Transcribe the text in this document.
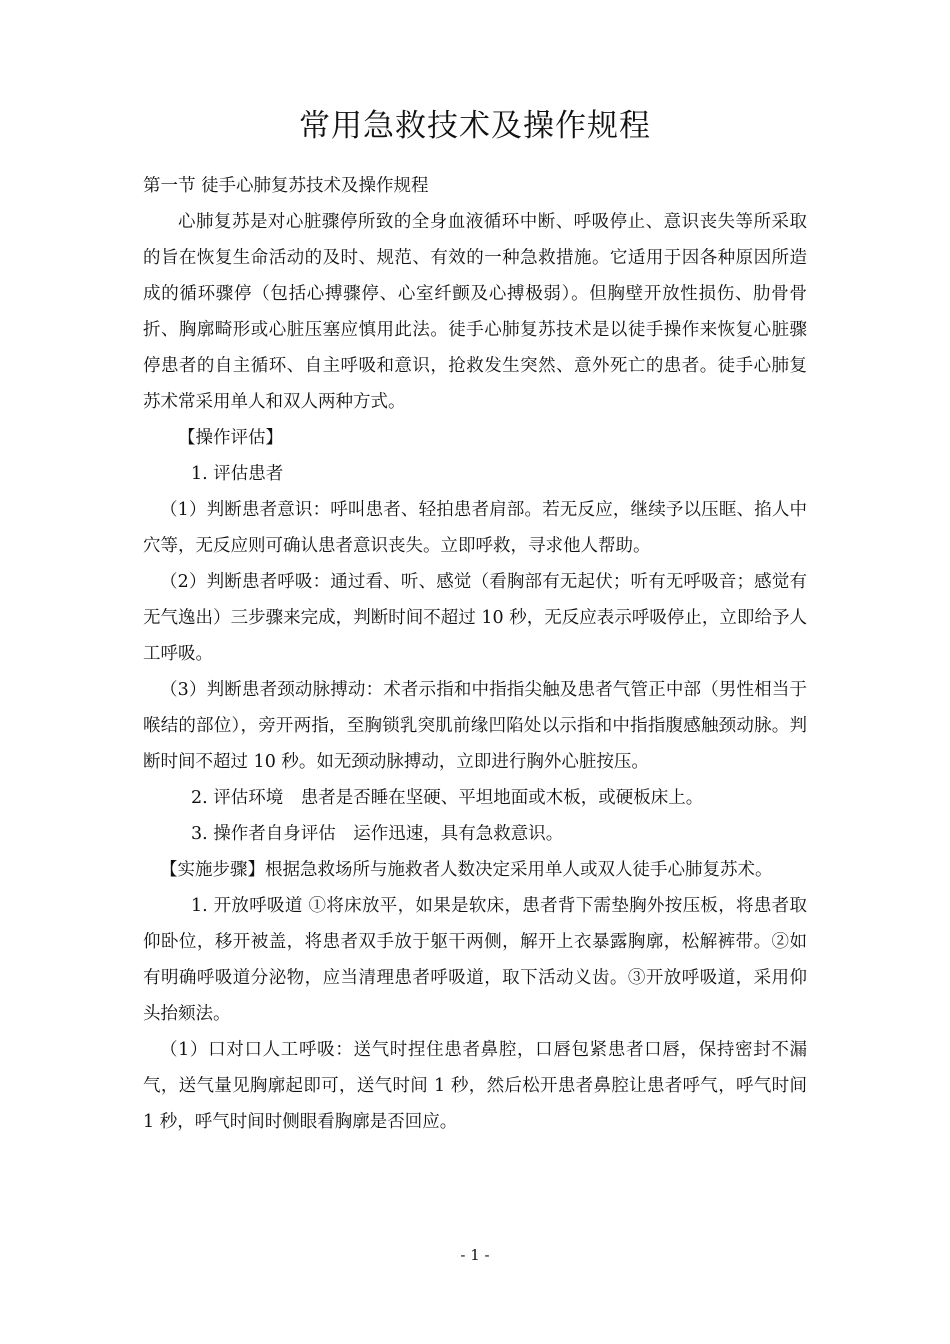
常用急救技术及操作规程

第一节 徒手心肺复苏技术及操作规程

心肺复苏是对心脏骤停所致的全身血液循环中断、呼吸停止、意识丧失等所采取的旨在恢复生命活动的及时、规范、有效的一种急救措施。它适用于因各种原因所造成的循环骤停（包括心搏骤停、心室纤颤及心搏极弱）。但胸壁开放性损伤、肋骨骨折、胸廓畸形或心脏压塞应慎用此法。徒手心肺复苏技术是以徒手操作来恢复心脏骤停患者的自主循环、自主呼吸和意识，抢救发生突然、意外死亡的患者。徒手心肺复苏术常采用单人和双人两种方式。

【操作评估】

1. 评估患者

（1）判断患者意识：呼叫患者、轻拍患者肩部。若无反应，继续予以压眶、掐人中穴等，无反应则可确认患者意识丧失。立即呼救，寻求他人帮助。

（2）判断患者呼吸：通过看、听、感觉（看胸部有无起伏；听有无呼吸音；感觉有无气逸出）三步骤来完成，判断时间不超过 10 秒，无反应表示呼吸停止，立即给予人工呼吸。

（3）判断患者颈动脉搏动：术者示指和中指指尖触及患者气管正中部（男性相当于喉结的部位），旁开两指，至胸锁乳突肌前缘凹陷处以示指和中指指腹感触颈动脉。判断时间不超过 10 秒。如无颈动脉搏动，立即进行胸外心脏按压。

2. 评估环境　患者是否睡在坚硬、平坦地面或木板，或硬板床上。

3. 操作者自身评估　运作迅速，具有急救意识。

【实施步骤】根据急救场所与施救者人数决定采用单人或双人徒手心肺复苏术。

1. 开放呼吸道 ①将床放平，如果是软床，患者背下需垫胸外按压板，将患者取仰卧位，移开被盖，将患者双手放于躯干两侧，解开上衣暴露胸廓，松解裤带。②如有明确呼吸道分泌物，应当清理患者呼吸道，取下活动义齿。③开放呼吸道，采用仰头抬颏法。

（1）口对口人工呼吸：送气时捏住患者鼻腔，口唇包紧患者口唇，保持密封不漏气，送气量见胸廓起即可，送气时间 1 秒，然后松开患者鼻腔让患者呼气，呼气时间 1 秒，呼气时间时侧眼看胸廓是否回应。

- 1 -
